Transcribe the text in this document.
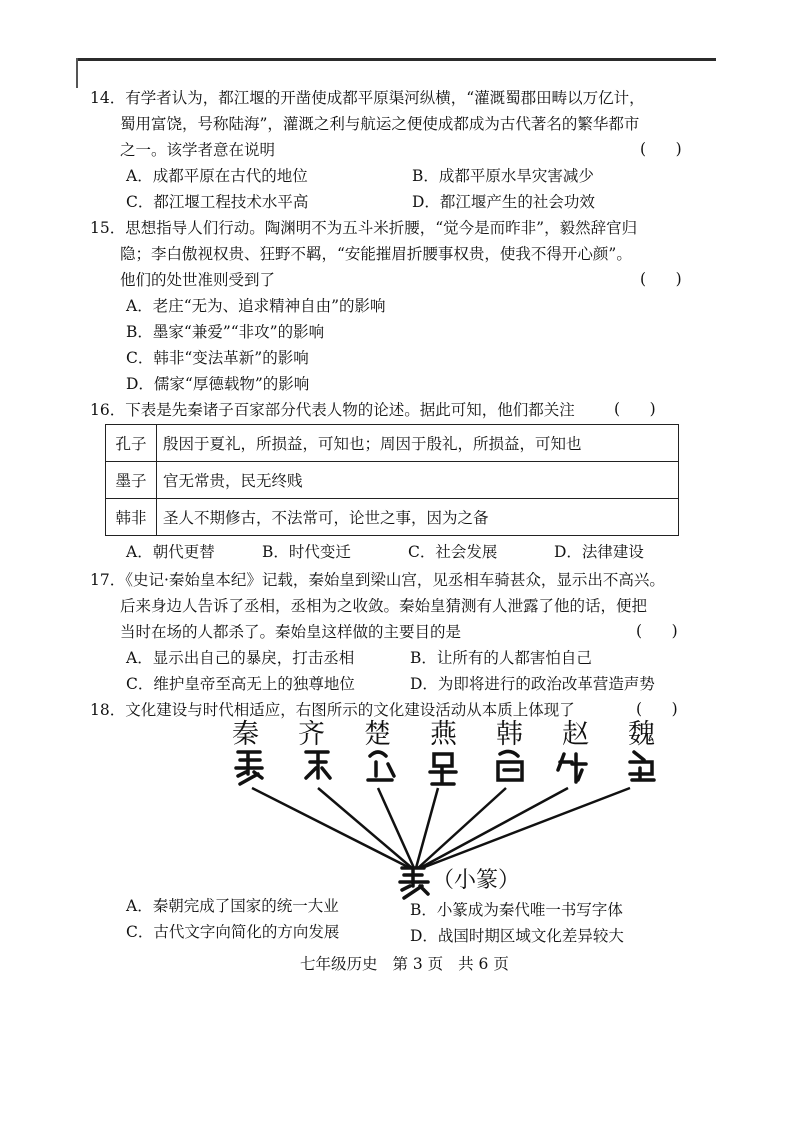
14．有学者认为，都江堰的开凿使成都平原渠河纵横，“灌溉蜀郡田畴以万亿计，
蜀用富饶，号称陆海”，灌溉之利与航运之便使成都成为古代著名的繁华都市
之一。该学者意在说明	(      )
A．成都平原在古代的地位	B．成都平原水旱灾害减少
C．都江堰工程技术水平高	D．都江堰产生的社会功效
15．思想指导人们行动。陶渊明不为五斗米折腰，“觉今是而昨非”，毅然辞官归
隐；李白傲视权贵、狂野不羁，“安能摧眉折腰事权贵，使我不得开心颜”。
他们的处世准则受到了	(      )
A．老庄“无为、追求精神自由”的影响
B．墨家“兼爱”“非攻”的影响
C．韩非“变法革新”的影响
D．儒家“厚德载物”的影响
16．下表是先秦诸子百家部分代表人物的论述。据此可知，他们都关注	(      )
孔子	殷因于夏礼，所损益，可知也；周因于殷礼，所损益，可知也
墨子	官无常贵，民无终贱
韩非	圣人不期修古，不法常可，论世之事，因为之备
A．朝代更替	B．时代变迁	C．社会发展	D．法律建设
17．《史记·秦始皇本纪》记载，秦始皇到梁山宫，见丞相车骑甚众，显示出不高兴。
后来身边人告诉了丞相，丞相为之收敛。秦始皇猜测有人泄露了他的话，便把
当时在场的人都杀了。秦始皇这样做的主要目的是	(      )
A．显示出自己的暴戾，打击丞相	B．让所有的人都害怕自己
C．维护皇帝至高无上的独尊地位	D．为即将进行的政治改革营造声势
18．文化建设与时代相适应，右图所示的文化建设活动从本质上体现了	(      )
秦 齐 楚 燕 韩 赵 魏
（小篆）
A．秦朝完成了国家的统一大业	B．小篆成为秦代唯一书写字体
C．古代文字向简化的方向发展	D．战国时期区域文化差异较大
七年级历史 第 3 页 共 6 页
